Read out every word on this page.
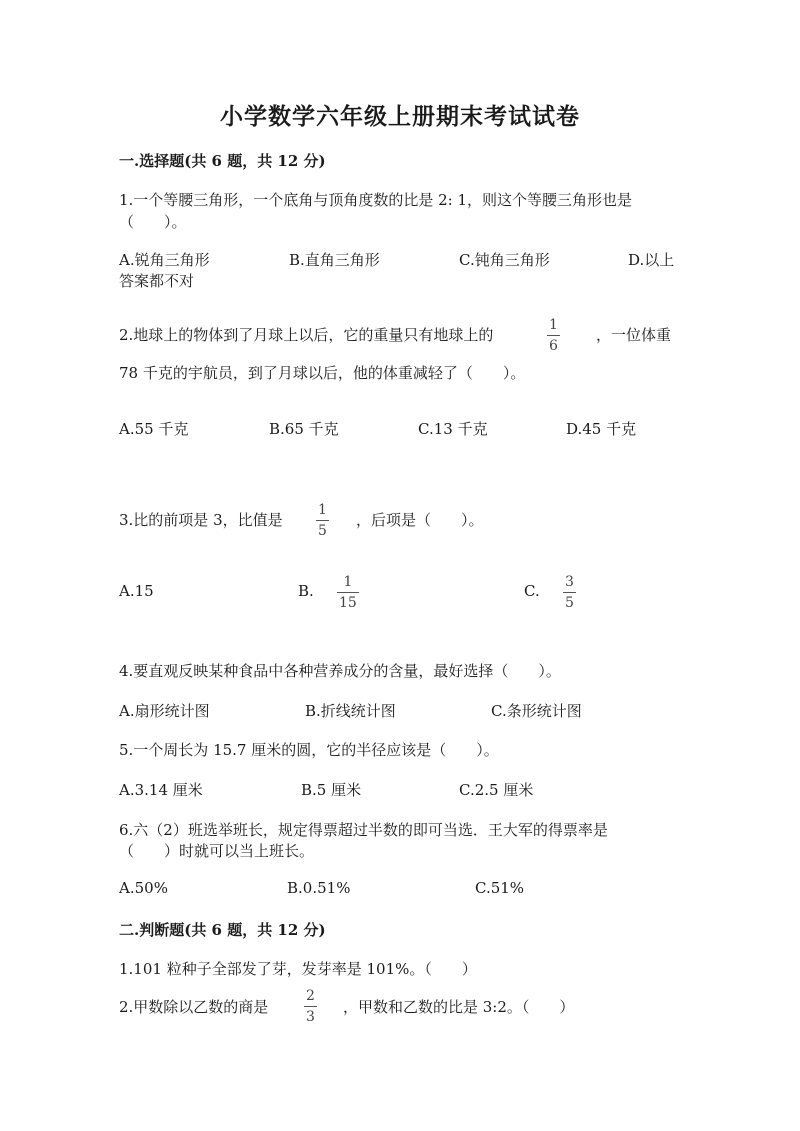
小学数学六年级上册期末考试试卷
一.选择题(共 6 题，共 12 分)
1.一个等腰三角形，一个底角与顶角度数的比是 2: 1，则这个等腰三角形也是
（　　）。
A.锐角三角形	B.直角三角形	C.钝角三角形	D.以上
答案都不对
2.地球上的物体到了月球上以后，它的重量只有地球上的
1
6
，一位体重
78 千克的宇航员，到了月球以后，他的体重减轻了（　　）。
A.55 千克	B.65 千克	C.13 千克	D.45 千克
3.比的前项是 3，比值是
1
5
，后项是（　　）。
A.15	B. 1
15
C. 3
5
4.要直观反映某种食品中各种营养成分的含量，最好选择（　　）。
A.扇形统计图	B.折线统计图	C.条形统计图
5.一个周长为 15.7 厘米的圆，它的半径应该是（　　）。
A.3.14 厘米	B.5 厘米	C.2.5 厘米
6.六（2）班选举班长，规定得票超过半数的即可当选．王大军的得票率是
（　　）时就可以当上班长。
A.50%	B.0.51%	C.51%
二.判断题(共 6 题，共 12 分)
1.101 粒种子全部发了芽，发芽率是 101%。（　　）
2.甲数除以乙数的商是
2
3
，甲数和乙数的比是 3:2。（　　）
